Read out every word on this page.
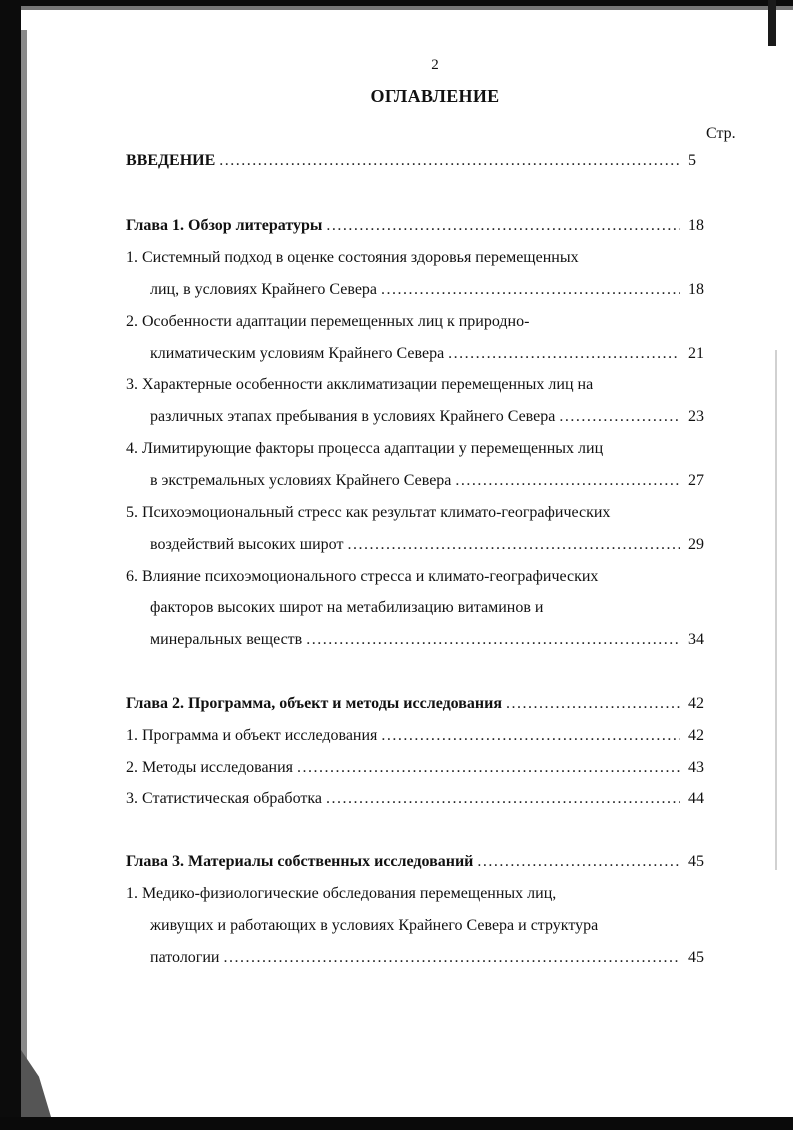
2
ОГЛАВЛЕНИЕ
Стр.
ВВЕДЕНИЕ .....	5
Глава 1. Обзор литературы .....	18
1. Системный подход в оценке состояния здоровья перемещенных
лиц, в условиях Крайнего Севера .....	18
2. Особенности адаптации перемещенных лиц к природно-
климатическим условиям Крайнего Севера .....	21
3. Характерные особенности акклиматизации перемещенных лиц на
различных этапах пребывания в условиях Крайнего Севера .....	23
4. Лимитирующие факторы процесса адаптации у перемещенных лиц
в экстремальных условиях Крайнего Севера .....	27
5. Психоэмоциональный стресс как результат климато-географических
воздействий высоких широт .....	29
6. Влияние психоэмоционального стресса и климато-географических
факторов высоких широт на метабилизацию витаминов и
минеральных веществ .....	34
Глава 2. Программа, объект и методы исследования .....	42
1. Программа и объект исследования .....	42
2. Методы исследования .....	43
3. Статистическая обработка .....	44
Глава 3. Материалы собственных исследований .....	45
1. Медико-физиологические обследования перемещенных лиц,
живущих и работающих в условиях Крайнего Севера и структура
патологии .....	45
